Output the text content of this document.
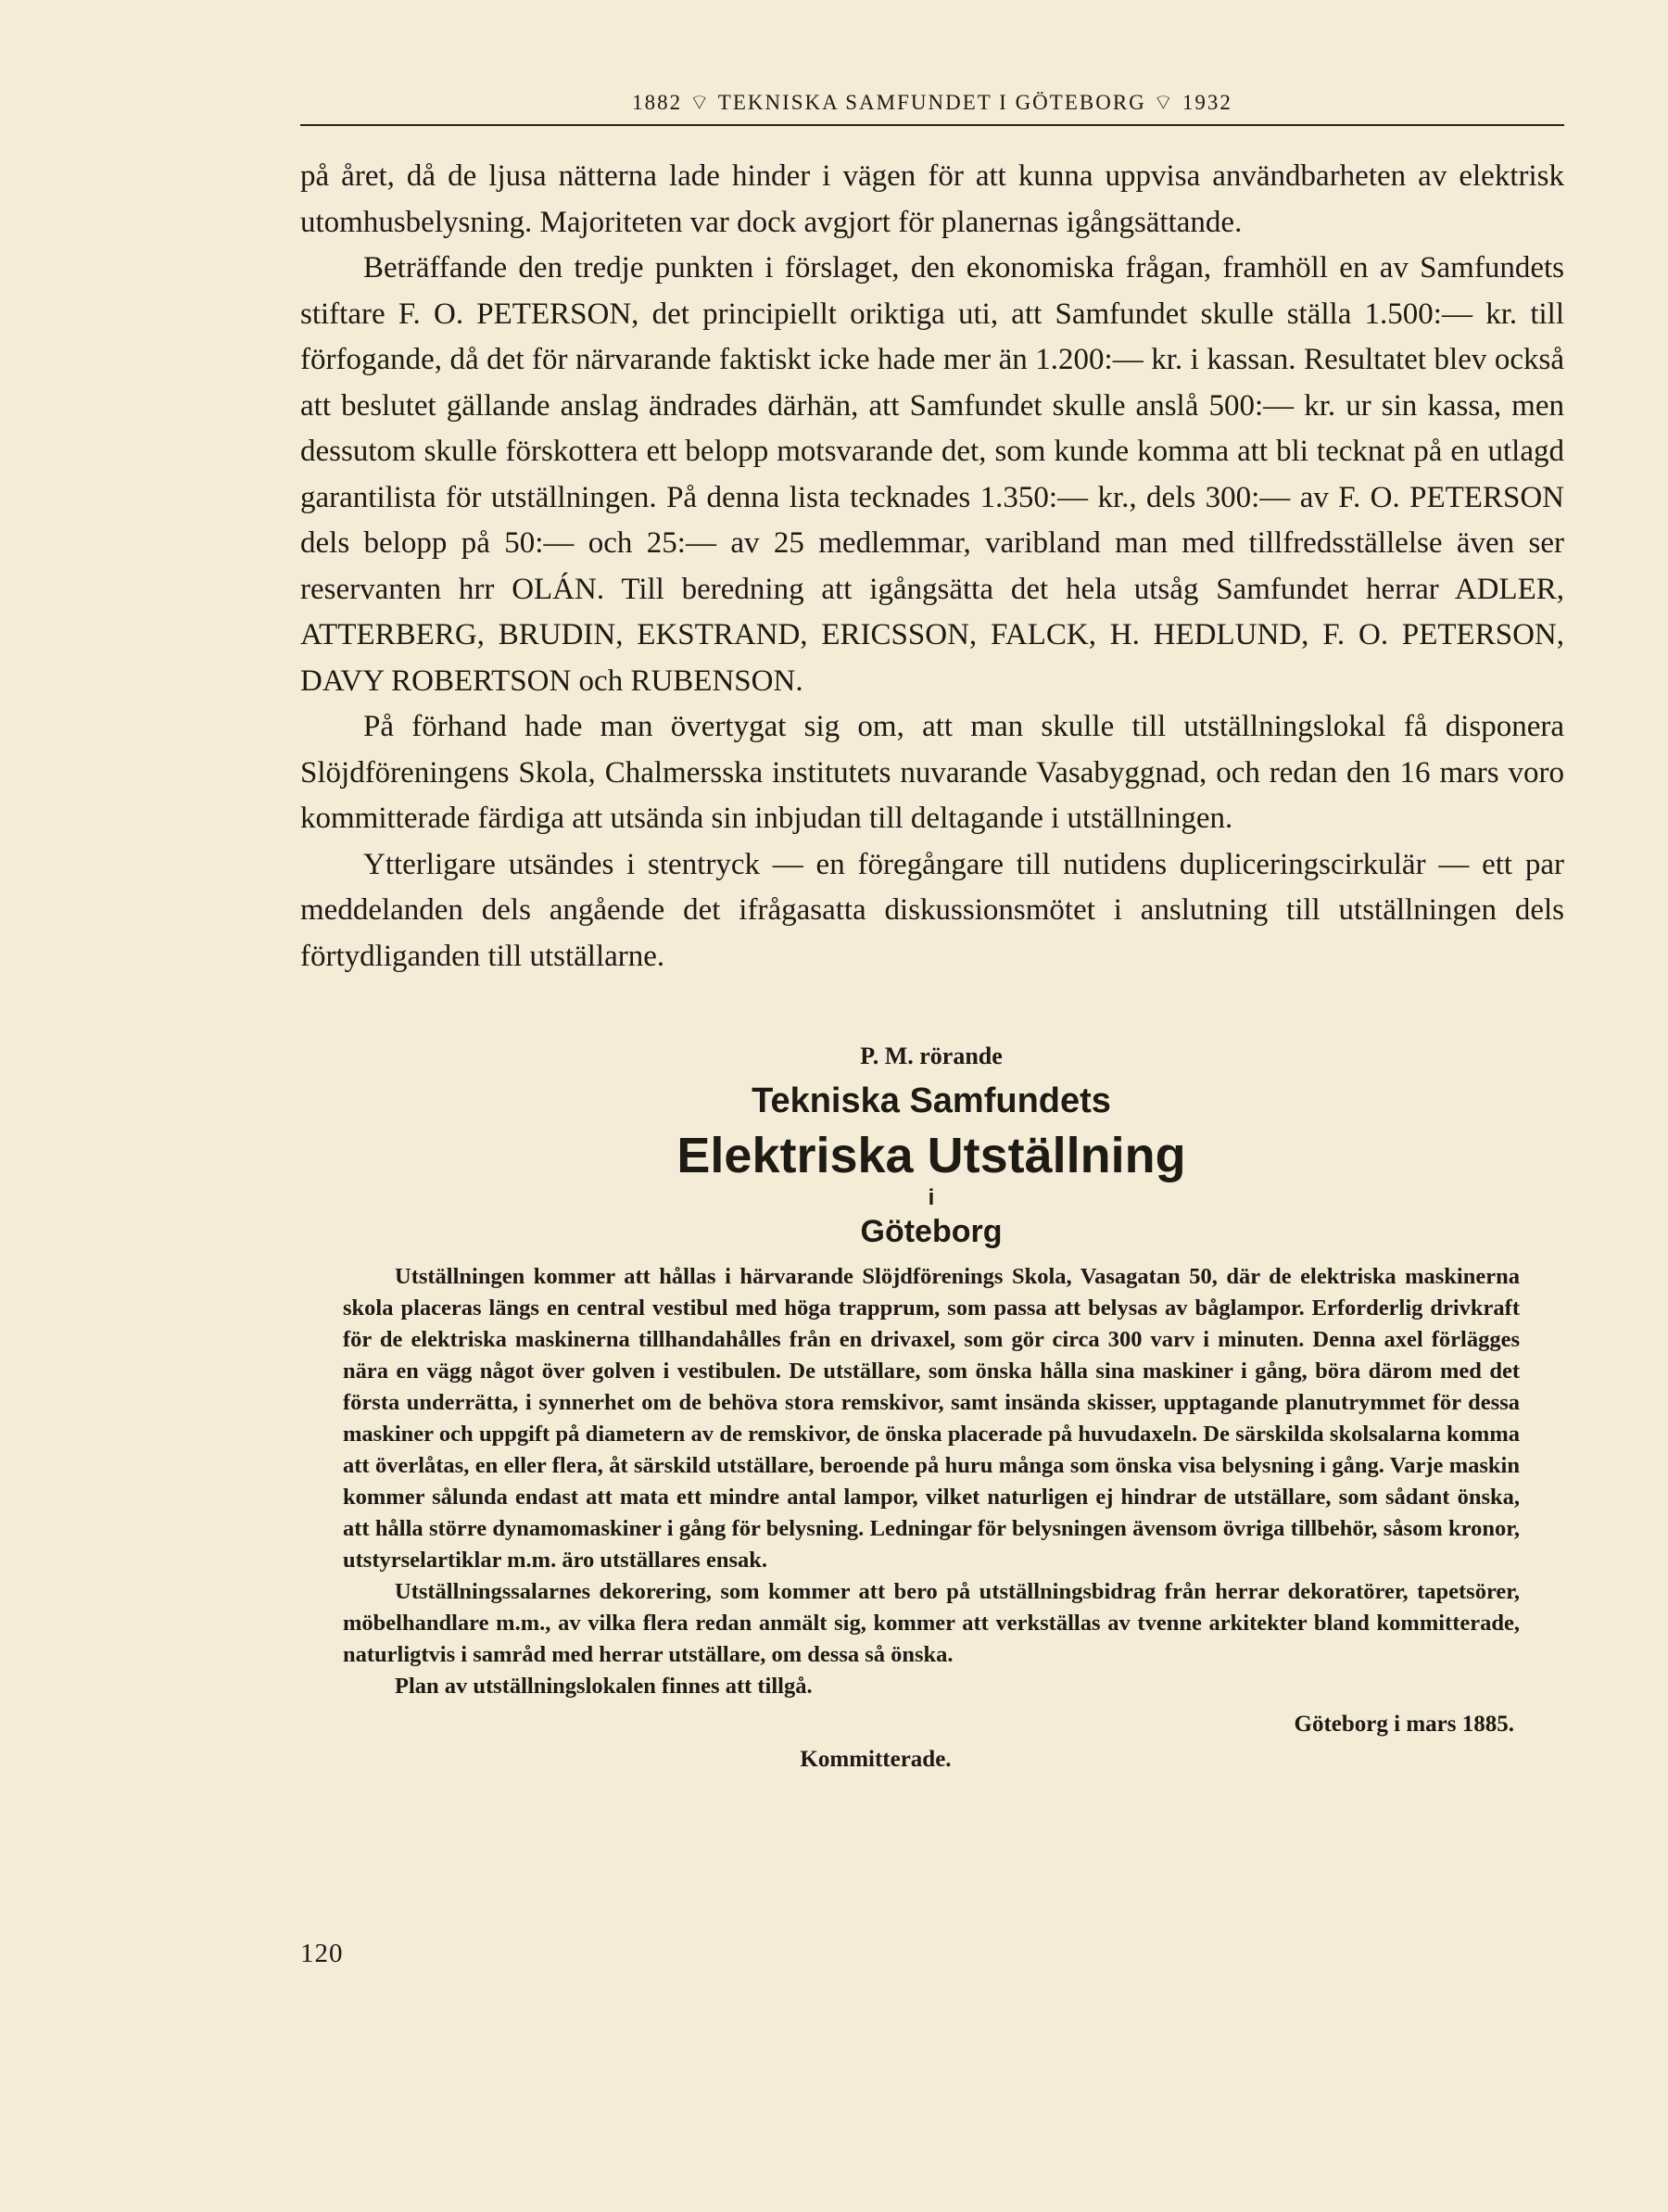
1882 ⌔ TEKNISKA SAMFUNDET I GÖTEBORG ⌔ 1932

på året, då de ljusa nätterna lade hinder i vägen för att kunna uppvisa användbarheten av elektrisk utomhusbelysning. Majoriteten var dock avgjort för planernas igångsättande.

Beträffande den tredje punkten i förslaget, den ekonomiska frågan, framhöll en av Samfundets stiftare F. O. PETERSON, det principiellt oriktiga uti, att Samfundet skulle ställa 1.500:— kr. till förfogande, då det för närvarande faktiskt icke hade mer än 1.200:— kr. i kassan. Resultatet blev också att beslutet gällande anslag ändrades därhän, att Samfundet skulle anslå 500:— kr. ur sin kassa, men dessutom skulle förskottera ett belopp motsvarande det, som kunde komma att bli tecknat på en utlagd garantilista för utställningen. På denna lista tecknades 1.350:— kr., dels 300:— av F. O. PETERSON dels belopp på 50:— och 25:— av 25 medlemmar, varibland man med tillfredsställelse även ser reservanten hrr OLÁN. Till beredning att igångsätta det hela utsåg Samfundet herrar ADLER, ATTERBERG, BRUDIN, EKSTRAND, ERICSSON, FALCK, H. HEDLUND, F. O. PETERSON, DAVY ROBERTSON och RUBENSON.

På förhand hade man övertygat sig om, att man skulle till utställningslokal få disponera Slöjdföreningens Skola, Chalmersska institutets nuvarande Vasabyggnad, och redan den 16 mars voro kommitterade färdiga att utsända sin inbjudan till deltagande i utställningen.

Ytterligare utsändes i stentryck — en föregångare till nutidens dupliceringscirkulär — ett par meddelanden dels angående det ifrågasatta diskussionsmötet i anslutning till utställningen dels förtydliganden till utställarne.

P. M. rörande
Tekniska Samfundets
Elektriska Utställning
i
Göteborg

Utställningen kommer att hållas i härvarande Slöjdförenings Skola, Vasagatan 50, där de elektriska maskinerna skola placeras längs en central vestibul med höga trapprum, som passa att belysas av båglampor. Erforderlig drivkraft för de elektriska maskinerna tillhandahålles från en drivaxel, som gör circa 300 varv i minuten. Denna axel förlägges nära en vägg något över golven i vestibulen. De utställare, som önska hålla sina maskiner i gång, böra därom med det första underrätta, i synnerhet om de behöva stora remskivor, samt insända skisser, upptagande planutrymmet för dessa maskiner och uppgift på diametern av de remskivor, de önska placerade på huvudaxeln. De särskilda skolsalarna komma att överlåtas, en eller flera, åt särskild utställare, beroende på huru många som önska visa belysning i gång. Varje maskin kommer sålunda endast att mata ett mindre antal lampor, vilket naturligen ej hindrar de utställare, som sådant önska, att hålla större dynamomaskiner i gång för belysning. Ledningar för belysningen ävensom övriga tillbehör, såsom kronor, utstyrselartiklar m.m. äro utställares ensak.

Utställningssalarnes dekorering, som kommer att bero på utställningsbidrag från herrar dekoratörer, tapetsörer, möbelhandlare m.m., av vilka flera redan anmält sig, kommer att verkställas av tvenne arkitekter bland kommitterade, naturligtvis i samråd med herrar utställare, om dessa så önska.

Plan av utställningslokalen finnes att tillgå.

Göteborg i mars 1885.
Kommitterade.
120
